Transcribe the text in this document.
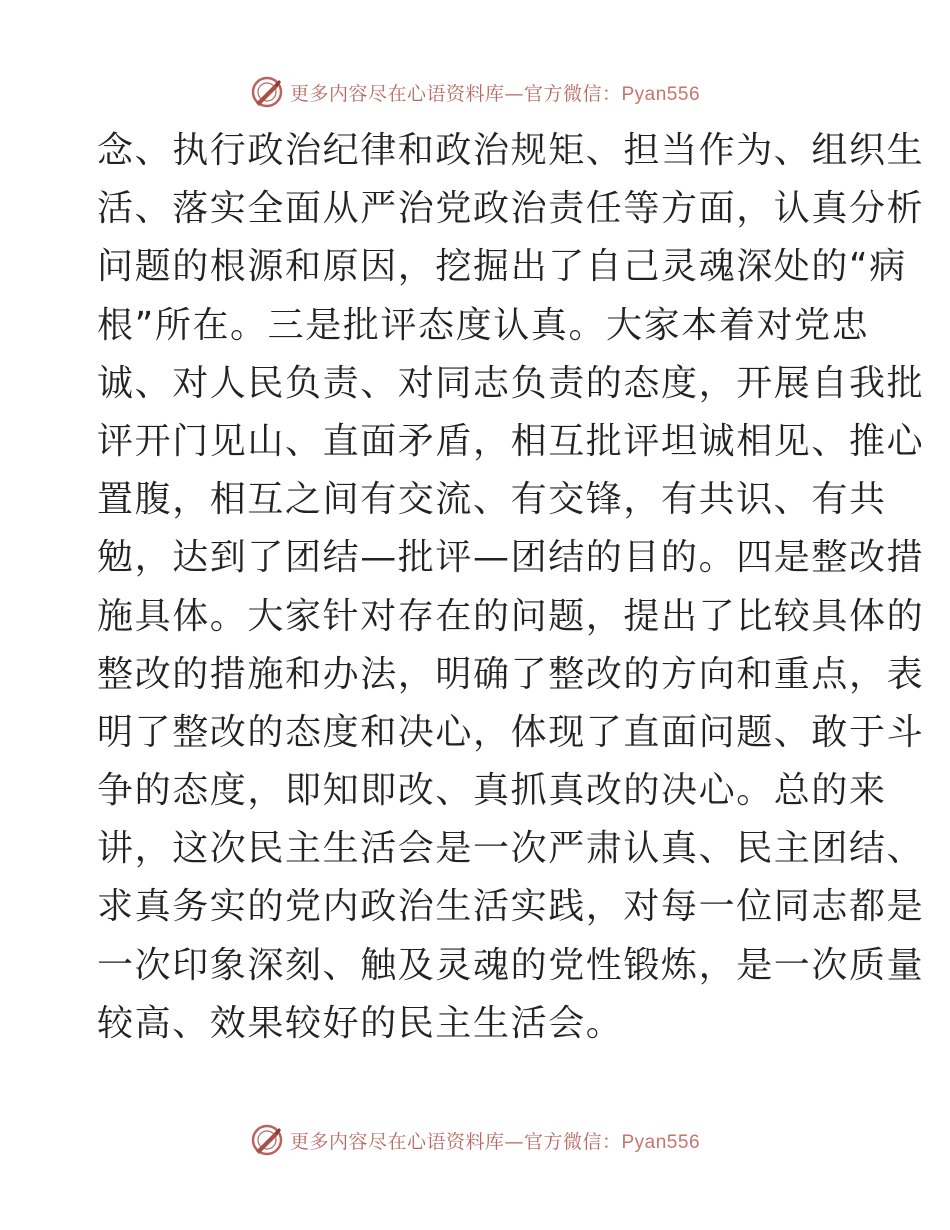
更多内容尽在心语资料库—官方微信：Pyan556
念、执行政治纪律和政治规矩、担当作为、组织生
活、落实全面从严治党政治责任等方面，认真分析
问题的根源和原因，挖掘出了自己灵魂深处的“病
根”所在。三是批评态度认真。大家本着对党忠
诚、对人民负责、对同志负责的态度，开展自我批
评开门见山、直面矛盾，相互批评坦诚相见、推心
置腹，相互之间有交流、有交锋，有共识、有共
勉，达到了团结—批评—团结的目的。四是整改措
施具体。大家针对存在的问题，提出了比较具体的
整改的措施和办法，明确了整改的方向和重点，表
明了整改的态度和决心，体现了直面问题、敢于斗
争的态度，即知即改、真抓真改的决心。总的来
讲，这次民主生活会是一次严肃认真、民主团结、
求真务实的党内政治生活实践，对每一位同志都是
一次印象深刻、触及灵魂的党性锻炼，是一次质量
较高、效果较好的民主生活会。
更多内容尽在心语资料库—官方微信：Pyan556
